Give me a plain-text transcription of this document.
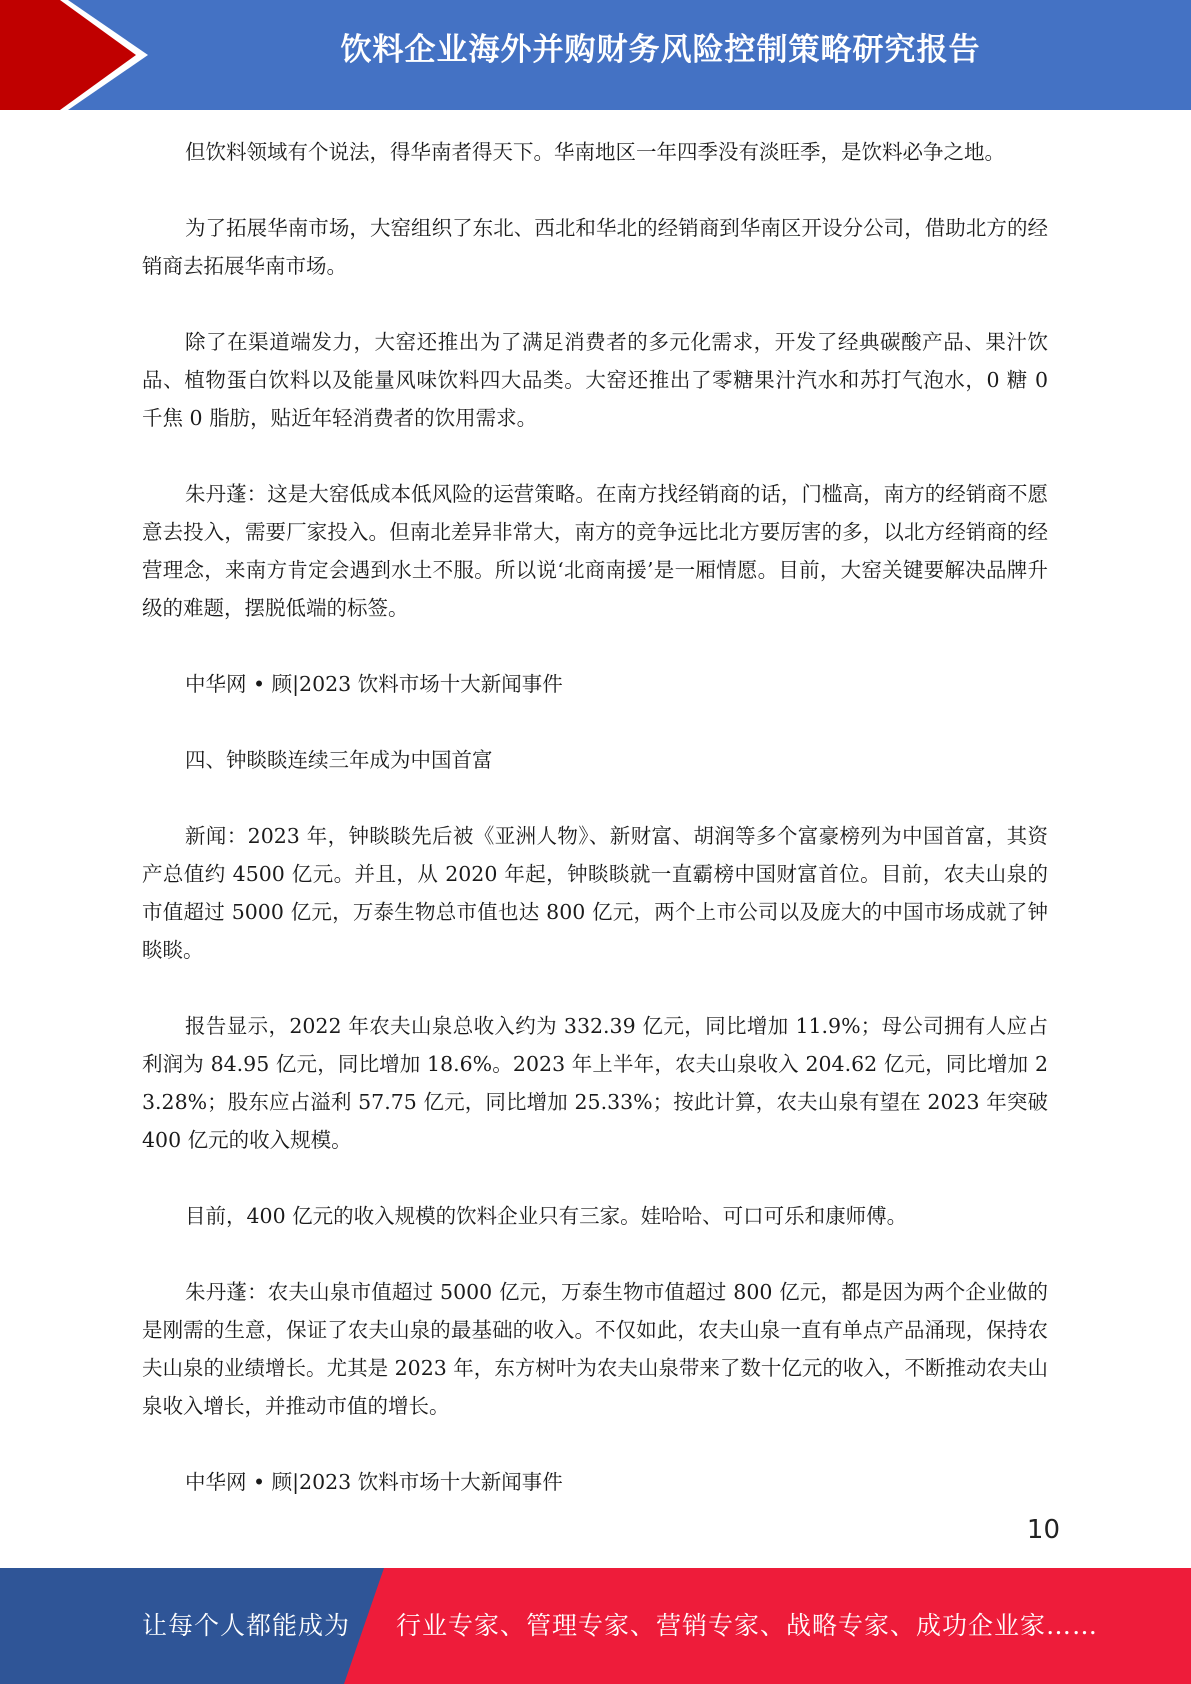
饮料企业海外并购财务风险控制策略研究报告

但饮料领域有个说法，得华南者得天下。华南地区一年四季没有淡旺季，是饮料必争之地。

为了拓展华南市场，大窑组织了东北、西北和华北的经销商到华南区开设分公司，借助北方的经销商去拓展华南市场。

除了在渠道端发力，大窑还推出为了满足消费者的多元化需求，开发了经典碳酸产品、果汁饮品、植物蛋白饮料以及能量风味饮料四大品类。大窑还推出了零糖果汁汽水和苏打气泡水，0 糖 0 千焦 0 脂肪，贴近年轻消费者的饮用需求。

朱丹蓬：这是大窑低成本低风险的运营策略。在南方找经销商的话，门槛高，南方的经销商不愿意去投入，需要厂家投入。但南北差异非常大，南方的竞争远比北方要厉害的多，以北方经销商的经营理念，来南方肯定会遇到水土不服。所以说‘北商南援’是一厢情愿。目前，大窑关键要解决品牌升级的难题，摆脱低端的标签。

中华网 • 顾|2023 饮料市场十大新闻事件

四、钟睒睒连续三年成为中国首富

新闻：2023 年，钟睒睒先后被《亚洲人物》、新财富、胡润等多个富豪榜列为中国首富，其资产总值约 4500 亿元。并且，从 2020 年起，钟睒睒就一直霸榜中国财富首位。目前，农夫山泉的市值超过 5000 亿元，万泰生物总市值也达 800 亿元，两个上市公司以及庞大的中国市场成就了钟睒睒。

报告显示，2022 年农夫山泉总收入约为 332.39 亿元，同比增加 11.9%；母公司拥有人应占利润为 84.95 亿元，同比增加 18.6%。2023 年上半年，农夫山泉收入 204.62 亿元，同比增加 23.28%；股东应占溢利 57.75 亿元，同比增加 25.33%；按此计算，农夫山泉有望在 2023 年突破 400 亿元的收入规模。

目前，400 亿元的收入规模的饮料企业只有三家。娃哈哈、可口可乐和康师傅。

朱丹蓬：农夫山泉市值超过 5000 亿元，万泰生物市值超过 800 亿元，都是因为两个企业做的是刚需的生意，保证了农夫山泉的最基础的收入。不仅如此，农夫山泉一直有单点产品涌现，保持农夫山泉的业绩增长。尤其是 2023 年，东方树叶为农夫山泉带来了数十亿元的收入，不断推动农夫山泉收入增长，并推动市值的增长。

中华网 • 顾|2023 饮料市场十大新闻事件

10
让每个人都能成为 行业专家、管理专家、营销专家、战略专家、成功企业家……
